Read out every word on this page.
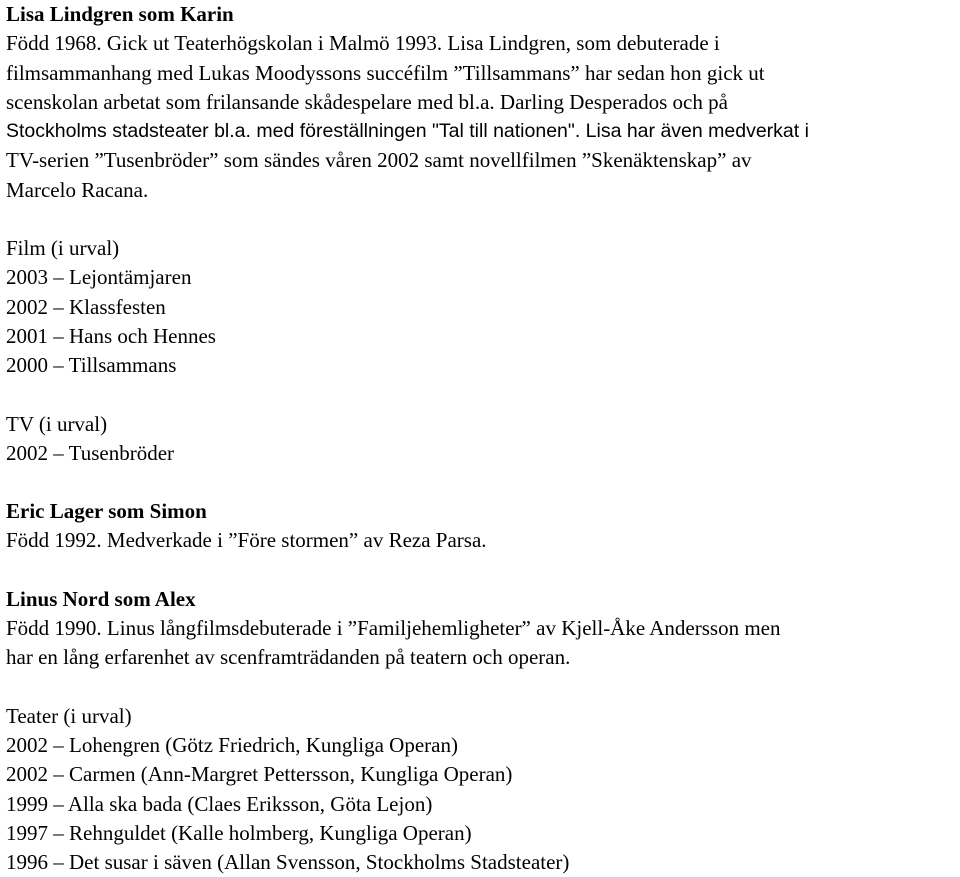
Lisa Lindgren som Karin
Född 1968. Gick ut Teaterhögskolan i Malmö 1993. Lisa Lindgren, som debuterade i
filmsammanhang med Lukas Moodyssons succéfilm ”Tillsammans” har sedan hon gick ut
scenskolan arbetat som frilansande skådespelare med bl.a. Darling Desperados och på
Stockholms stadsteater bl.a. med föreställningen "Tal till nationen". Lisa har även medverkat i
TV-serien ”Tusenbröder” som sändes våren 2002 samt novellfilmen ”Skenäktenskap” av
Marcelo Racana.
Film (i urval)
2003 – Lejontämjaren
2002 – Klassfesten
2001 – Hans och Hennes
2000 – Tillsammans
TV (i urval)
2002 – Tusenbröder
Eric Lager som Simon
Född 1992. Medverkade i ”Före stormen” av Reza Parsa.
Linus Nord som Alex
Född 1990. Linus långfilmsdebuterade i ”Familjehemligheter” av Kjell-Åke Andersson men
har en lång erfarenhet av scenframträdanden på teatern och operan.
Teater (i urval)
2002 – Lohengren (Götz Friedrich, Kungliga Operan)
2002 – Carmen (Ann-Margret Pettersson, Kungliga Operan)
1999 – Alla ska bada (Claes Eriksson, Göta Lejon)
1997 – Rehnguldet (Kalle holmberg, Kungliga Operan)
1996 – Det susar i säven (Allan Svensson, Stockholms Stadsteater)
